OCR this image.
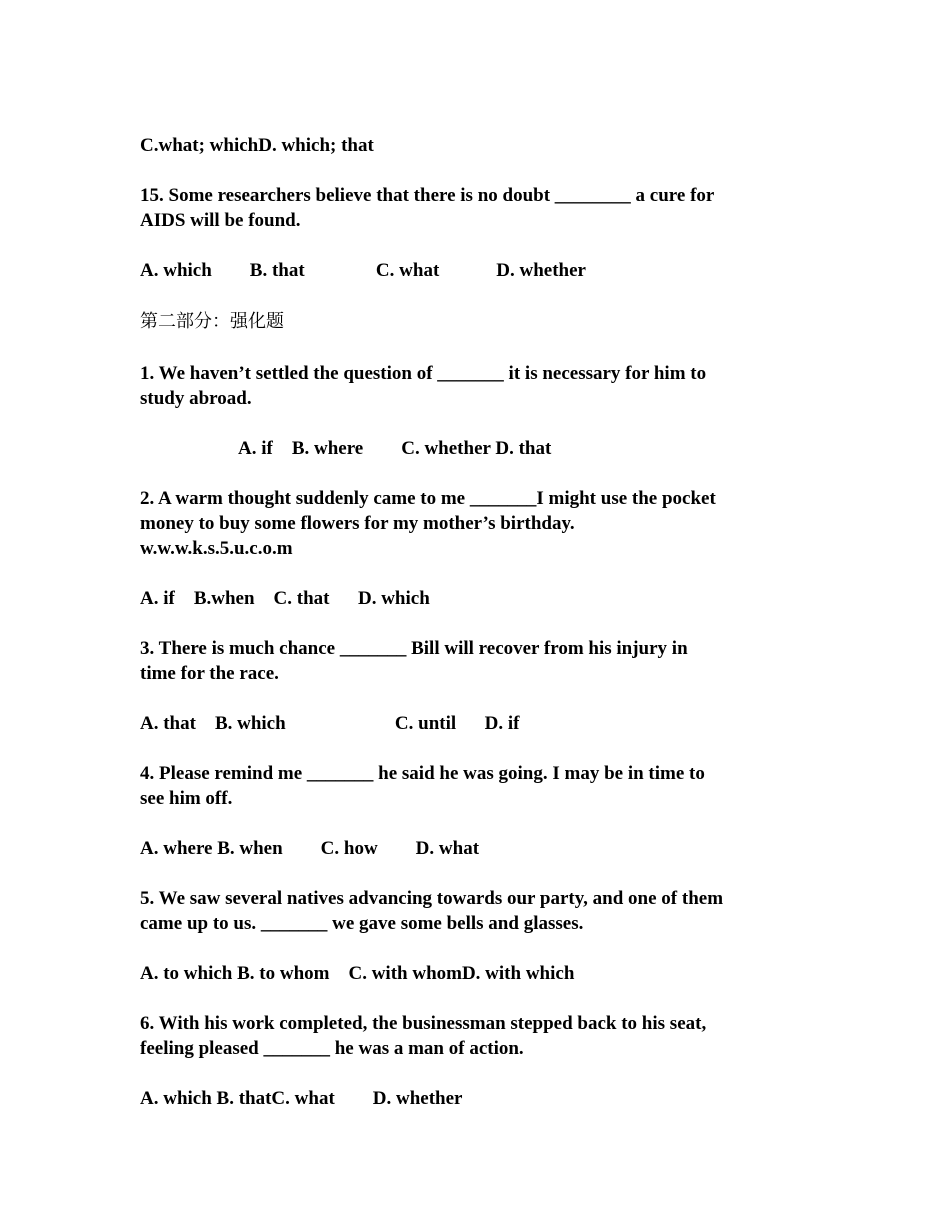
C.what; whichD. which; that

15. Some researchers believe that there is no doubt ________ a cure for

AIDS will be found.

A. which        B. that               C. what            D. whether

第二部分：强化题

1. We haven’t settled the question of _______ it is necessary for him to

study abroad.

A. if    B. where        C. whether D. that

2. A warm thought suddenly came to me _______I might use the pocket

money to buy some flowers for my mother’s birthday.

w.w.w.k.s.5.u.c.o.m

A. if    B.when    C. that      D. which

3. There is much chance _______ Bill will recover from his injury in

time for the race.

A. that    B. which                       C. until      D. if

4. Please remind me _______ he said he was going. I may be in time to

see him off.

A. where B. when        C. how        D. what

5. We saw several natives advancing towards our party, and one of them

came up to us. _______ we gave some bells and glasses.

A. to which B. to whom    C. with whomD. with which

6. With his work completed, the businessman stepped back to his seat,

feeling pleased _______ he was a man of action.

A. which B. thatC. what        D. whether
